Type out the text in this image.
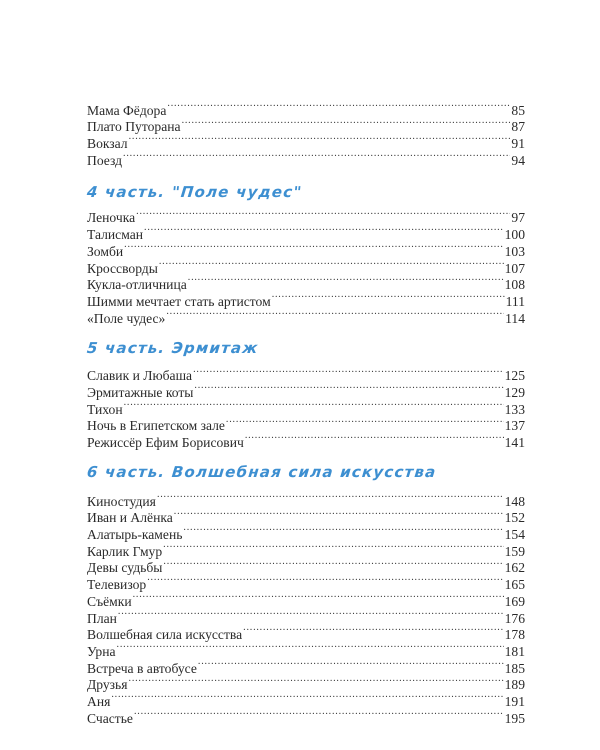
Мама Фёдора .....	85
Плато Путорана .....	87
Вокзал .....	91
Поезд .....	94
4 часть. "Поле чудес"
Леночка .....	97
Талисман .....	100
Зомби .....	103
Кроссворды .....	107
Кукла-отличница .....	108
Шимми мечтает стать артистом .....	111
«Поле чудес» .....	114
5 часть. Эрмитаж
Славик и Любаша .....	125
Эрмитажные коты .....	129
Тихон .....	133
Ночь в Египетском зале .....	137
Режиссёр Ефим Борисович .....	141
6 часть. Волшебная сила искусства
Киностудия .....	148
Иван и Алёнка .....	152
Алатырь-камень .....	154
Карлик Гмур .....	159
Девы судьбы .....	162
Телевизор .....	165
Съёмки .....	169
План .....	176
Волшебная сила искусства .....	178
Урна .....	181
Встреча в автобусе .....	185
Друзья .....	189
Аня .....	191
Счастье .....	195
